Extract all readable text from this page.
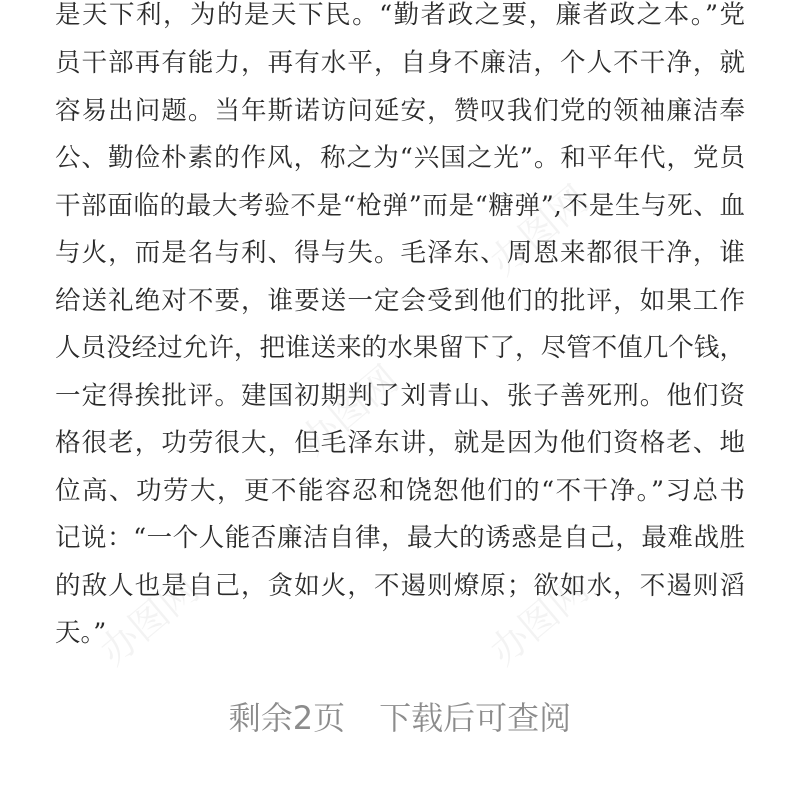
办图网
办图网
办图网
办图网
是天下利，为的是天下民。“勤者政之要，廉者政之本。”党
员干部再有能力，再有水平，自身不廉洁，个人不干净，就
容易出问题。当年斯诺访问延安，赞叹我们党的领袖廉洁奉
公、勤俭朴素的作风，称之为“兴国之光”。和平年代，党员
干部面临的最大考验不是“枪弹”而是“糖弹”,不是生与死、血
与火，而是名与利、得与失。毛泽东、周恩来都很干净，谁
给送礼绝对不要，谁要送一定会受到他们的批评，如果工作
人员没经过允许，把谁送来的水果留下了，尽管不值几个钱，
一定得挨批评。建国初期判了刘青山、张子善死刑。他们资
格很老，功劳很大，但毛泽东讲，就是因为他们资格老、地
位高、功劳大，更不能容忍和饶恕他们的“不干净。”习总书
记说：“一个人能否廉洁自律，最大的诱惑是自己，最难战胜
的敌人也是自己，贪如火，不遏则燎原；欲如水，不遏则滔
天。”
剩余2页 下载后可查阅
